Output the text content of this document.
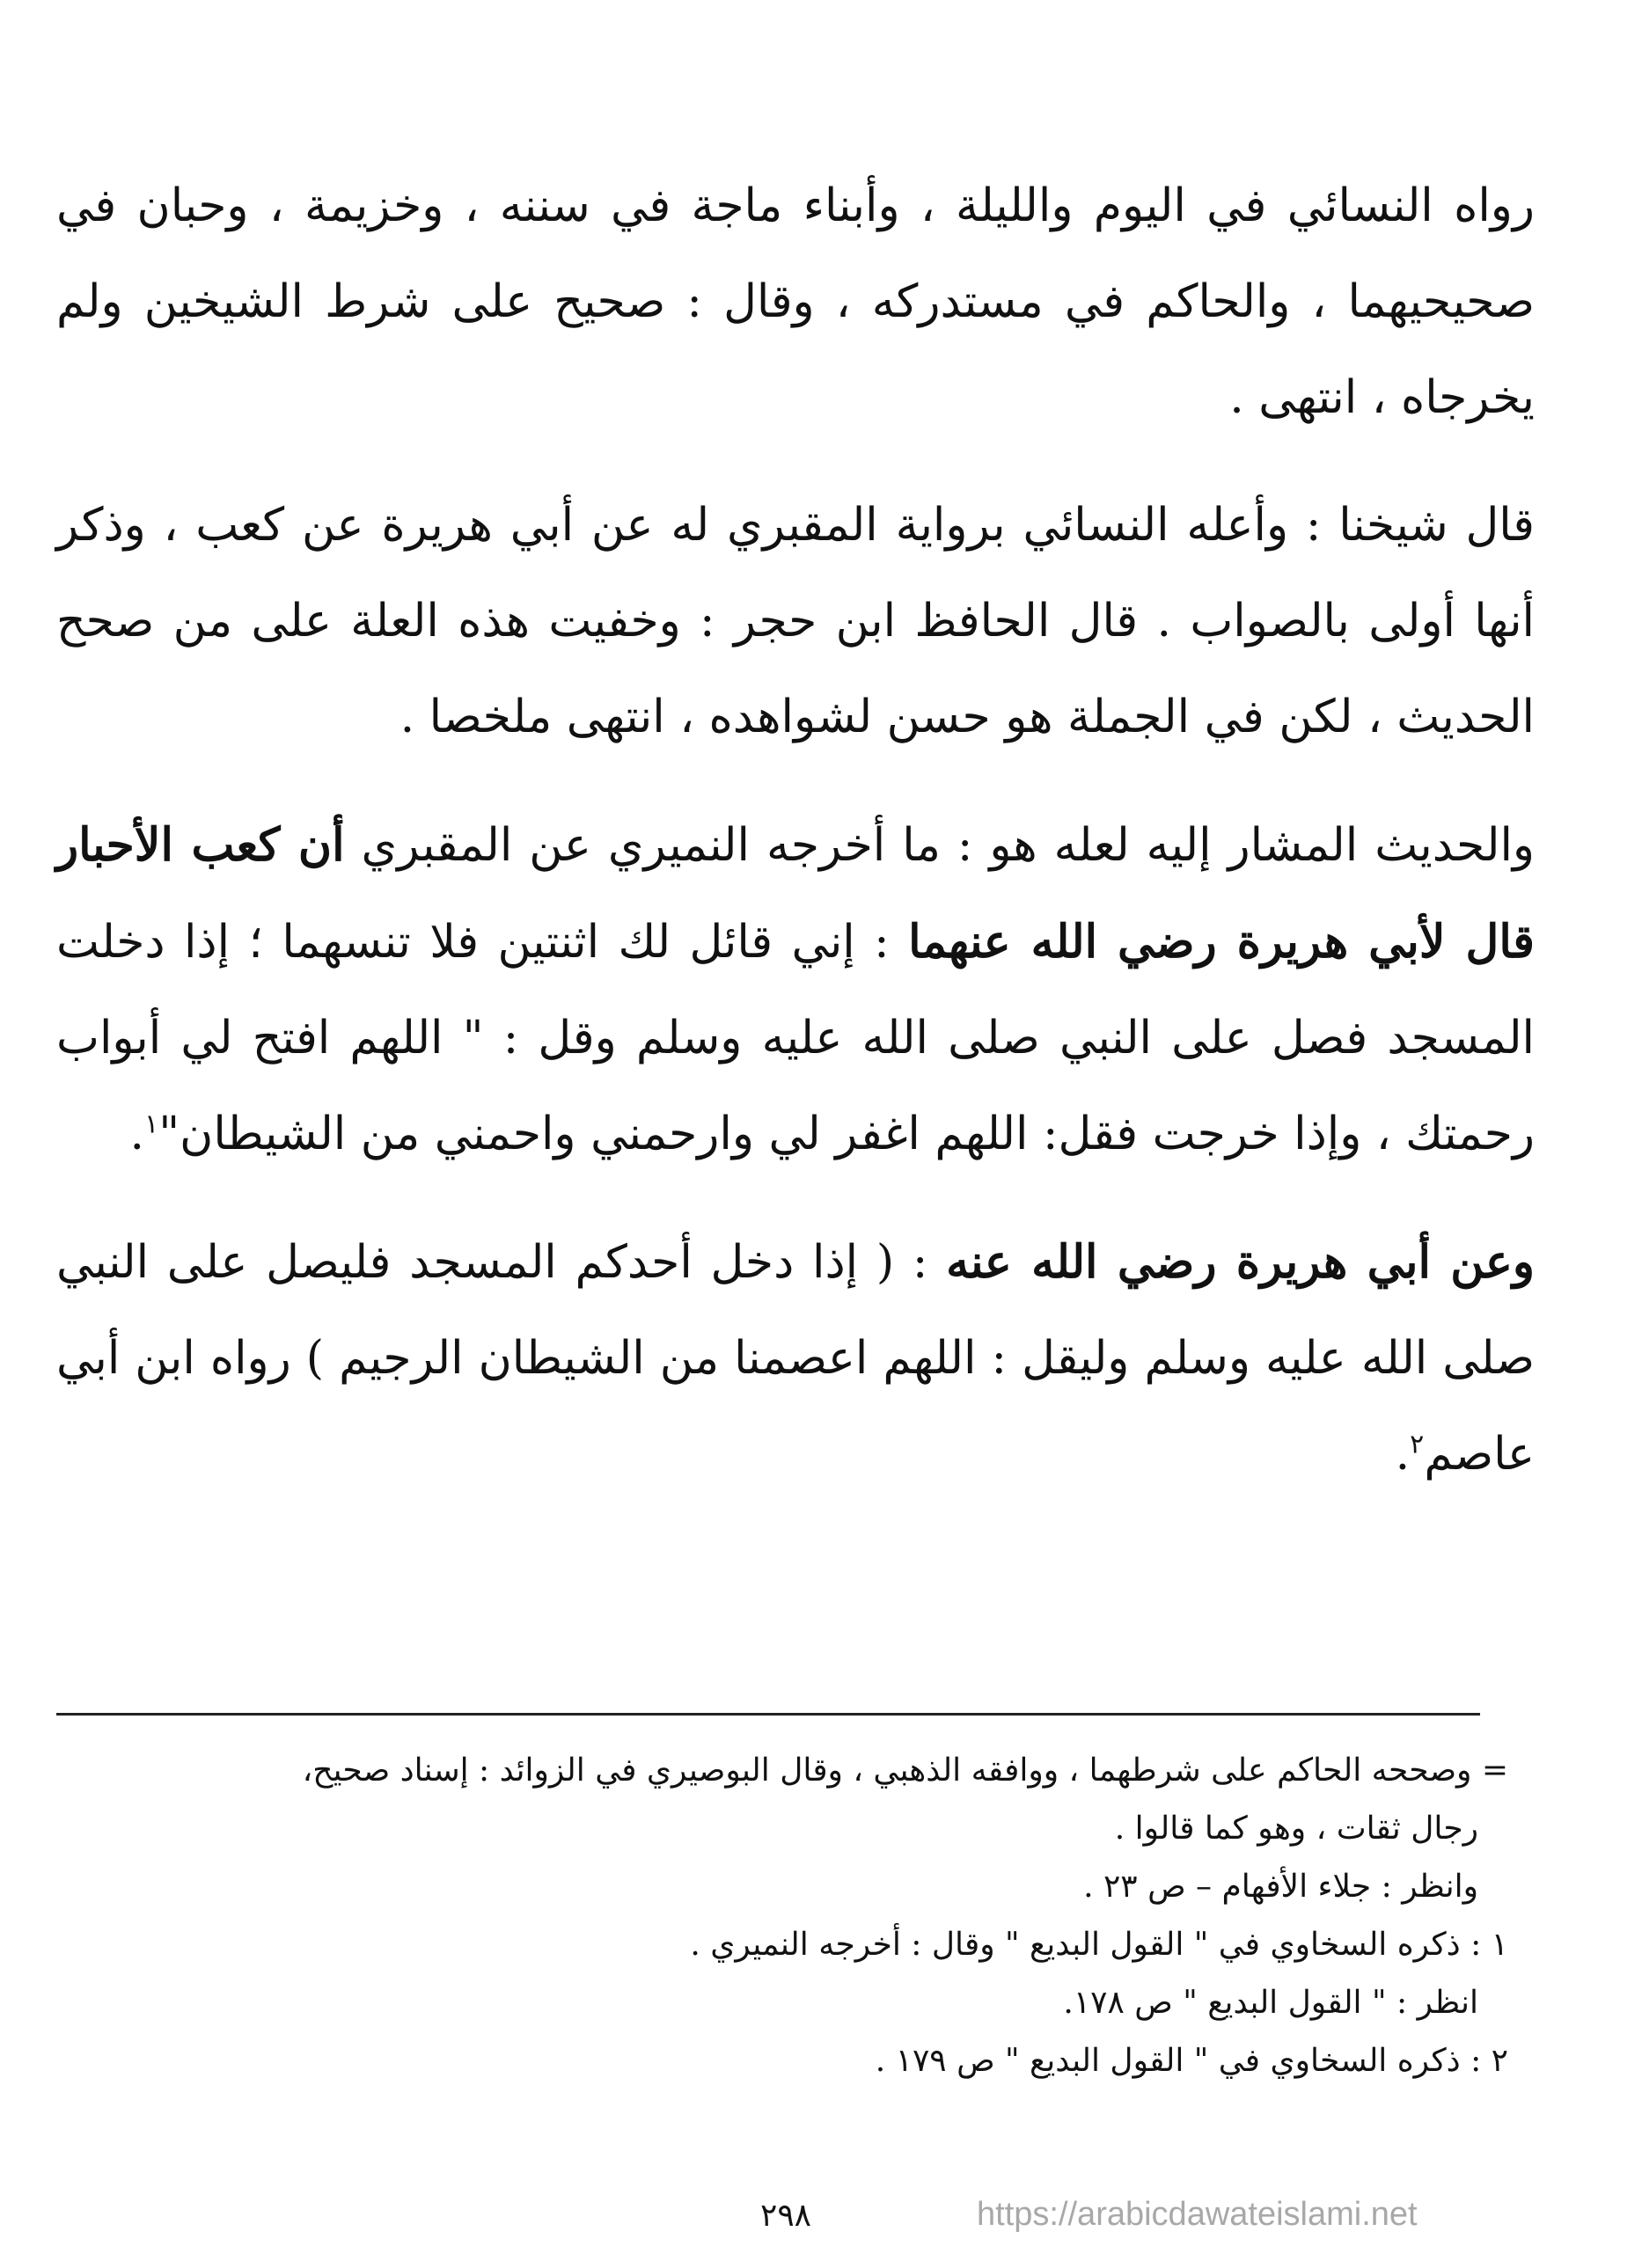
رواه النسائي في اليوم والليلة ، وأبناء ماجة في سننه ، وخزيمة ، وحبان في صحيحيهما ، والحاكم في مستدركه ، وقال : صحيح على شرط الشيخين ولم يخرجاه ، انتهى .

قال شيخنا : وأعله النسائي برواية المقبري له عن أبي هريرة عن كعب ، وذكر أنها أولى بالصواب . قال الحافظ ابن حجر : وخفيت هذه العلة على من صحح الحديث ، لكن في الجملة هو حسن لشواهده ، انتهى ملخصا .

والحديث المشار إليه لعله هو : ما أخرجه النميري عن المقبري أن كعب الأحبار قال لأبي هريرة رضي الله عنهما : إني قائل لك اثنتين فلا تنسهما ؛ إذا دخلت المسجد فصل على النبي صلى الله عليه وسلم وقل : " اللهم افتح لي أبواب رحمتك ، وإذا خرجت فقل: اللهم اغفر لي وارحمني واحمني من الشيطان"$^١$.

وعن أبي هريرة رضي الله عنه : ( إذا دخل أحدكم المسجد فليصل على النبي صلى الله عليه وسلم وليقل : اللهم اعصمنا من الشيطان الرجيم ) رواه ابن أبي عاصم$^٢$.

= وصححه الحاكم على شرطهما ، ووافقه الذهبي ، وقال البوصيري في الزوائد : إسناد صحيح،

رجال ثقات ، وهو كما قالوا .

وانظر : جلاء الأفهام – ص ٢٣ .

١ : ذكره السخاوي في " القول البديع " وقال : أخرجه النميري .

انظر : " القول البديع " ص ١٧٨.

٢ : ذكره السخاوي في " القول البديع " ص ١٧٩ .

٢٩٨	https://arabicdawateislami.net
